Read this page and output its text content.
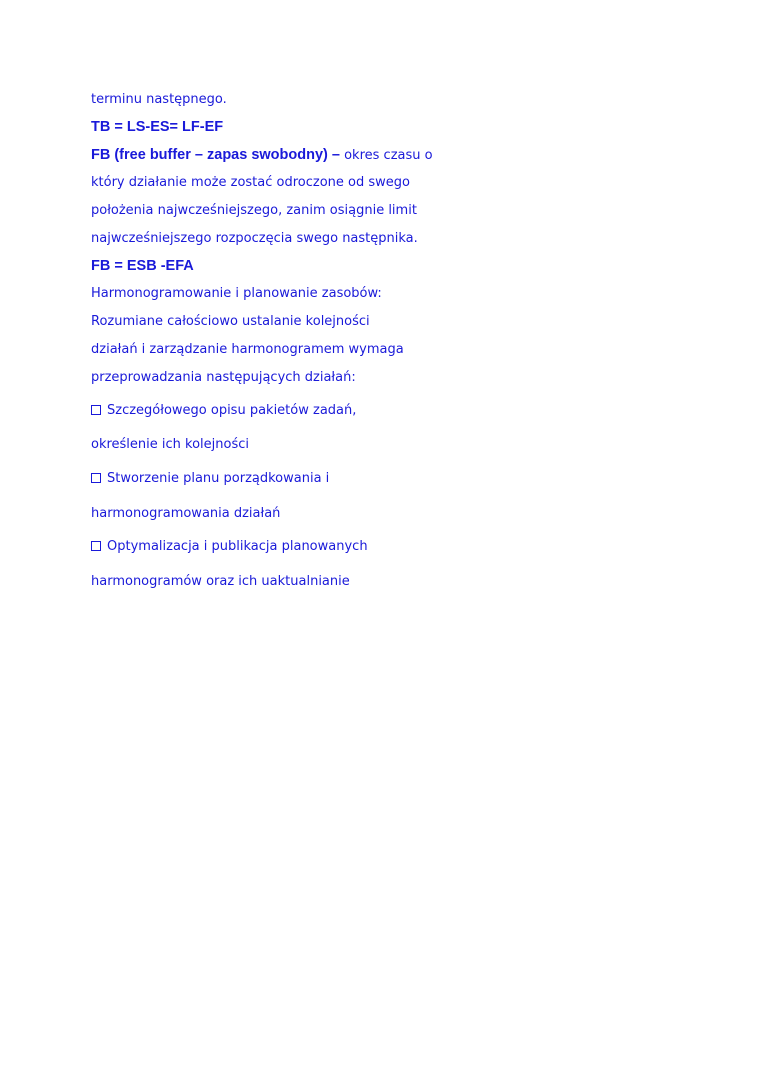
terminu następnego.
TB = LS-ES= LF-EF
FB (free buffer – zapas swobodny) – okres czasu o
który działanie może zostać odroczone od swego
położenia najwcześniejszego, zanim osiągnie limit
najwcześniejszego rozpoczęcia swego następnika.
FB = ESB -EFA
Harmonogramowanie i planowanie zasobów:
Rozumiane całościowo ustalanie kolejności
działań i zarządzanie harmonogramem wymaga
przeprowadzania następujących działań:
Szczegółowego opisu pakietów zadań,
określenie ich kolejności
Stworzenie planu porządkowania i
harmonogramowania działań
Optymalizacja i publikacja planowanych
harmonogramów oraz ich uaktualnianie
